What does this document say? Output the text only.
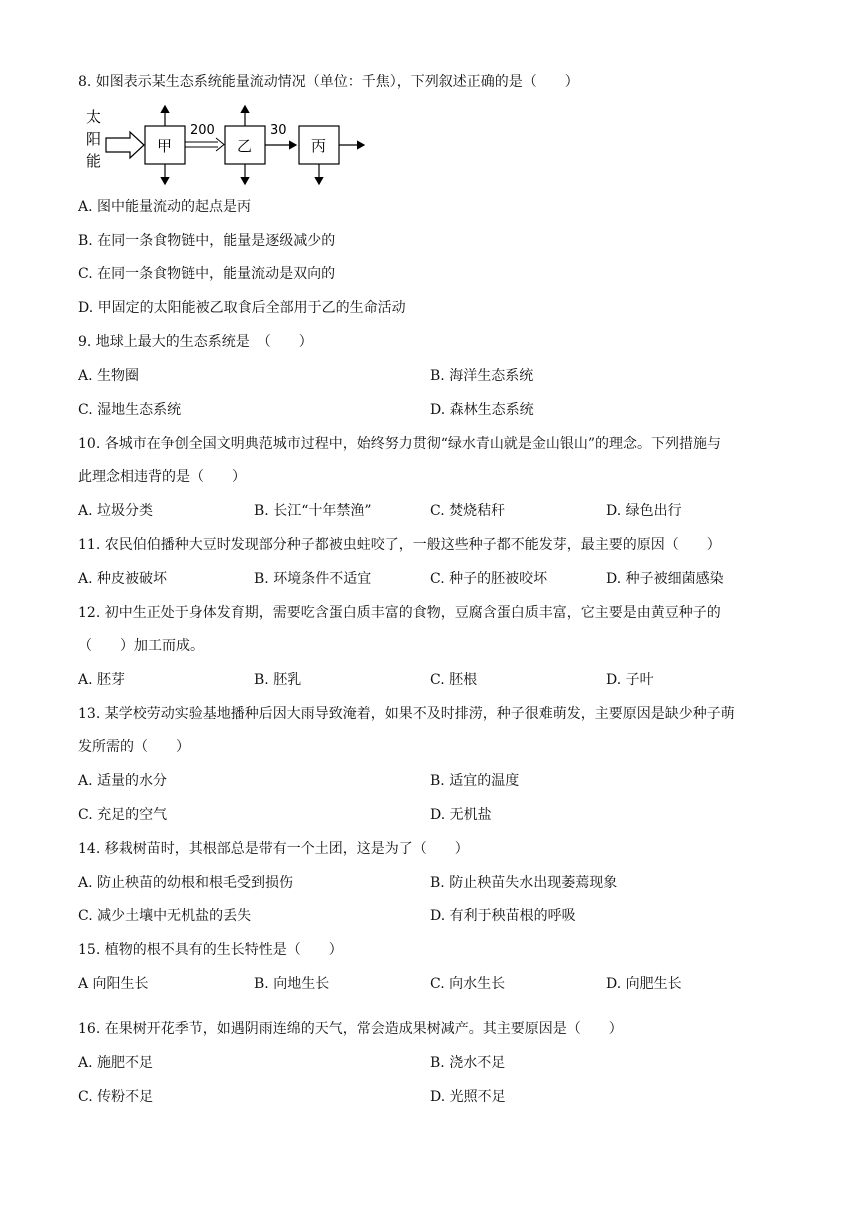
8. 如图表示某生态系统能量流动情况（单位：千焦），下列叙述正确的是（　　）
太
阳
能
甲
200
乙
30
丙
A. 图中能量流动的起点是丙
B. 在同一条食物链中，能量是逐级减少的
C. 在同一条食物链中，能量流动是双向的
D. 甲固定的太阳能被乙取食后全部用于乙的生命活动
9. 地球上最大的生态系统是　（　　）
A. 生物圈	B. 海洋生态系统
C. 湿地生态系统	D. 森林生态系统
10. 各城市在争创全国文明典范城市过程中，始终努力贯彻“绿水青山就是金山银山”的理念。下列措施与
此理念相违背的是（　　）
A. 垃圾分类	B. 长江“十年禁渔”	C. 焚烧秸秆	D. 绿色出行
11. 农民伯伯播种大豆时发现部分种子都被虫蛀咬了，一般这些种子都不能发芽，最主要的原因（　　）
A. 种皮被破坏	B. 环境条件不适宜	C. 种子的胚被咬坏	D. 种子被细菌感染
12. 初中生正处于身体发育期，需要吃含蛋白质丰富的食物，豆腐含蛋白质丰富，它主要是由黄豆种子的
（　　）加工而成。
A. 胚芽	B. 胚乳	C. 胚根	D. 子叶
13. 某学校劳动实验基地播种后因大雨导致淹着，如果不及时排涝，种子很难萌发，主要原因是缺少种子萌
发所需的（　　）
A. 适量的水分	B. 适宜的温度
C. 充足的空气	D. 无机盐
14. 移栽树苗时，其根部总是带有一个土团，这是为了（　　）
A. 防止秧苗的幼根和根毛受到损伤	B. 防止秧苗失水出现萎蔫现象
C. 减少土壤中无机盐的丢失	D. 有利于秧苗根的呼吸
15. 植物的根不具有的生长特性是（　　）
A 向阳生长	B. 向地生长	C. 向水生长	D. 向肥生长
16. 在果树开花季节，如遇阴雨连绵的天气，常会造成果树减产。其主要原因是（　　）
A. 施肥不足	B. 浇水不足
C. 传粉不足	D. 光照不足
